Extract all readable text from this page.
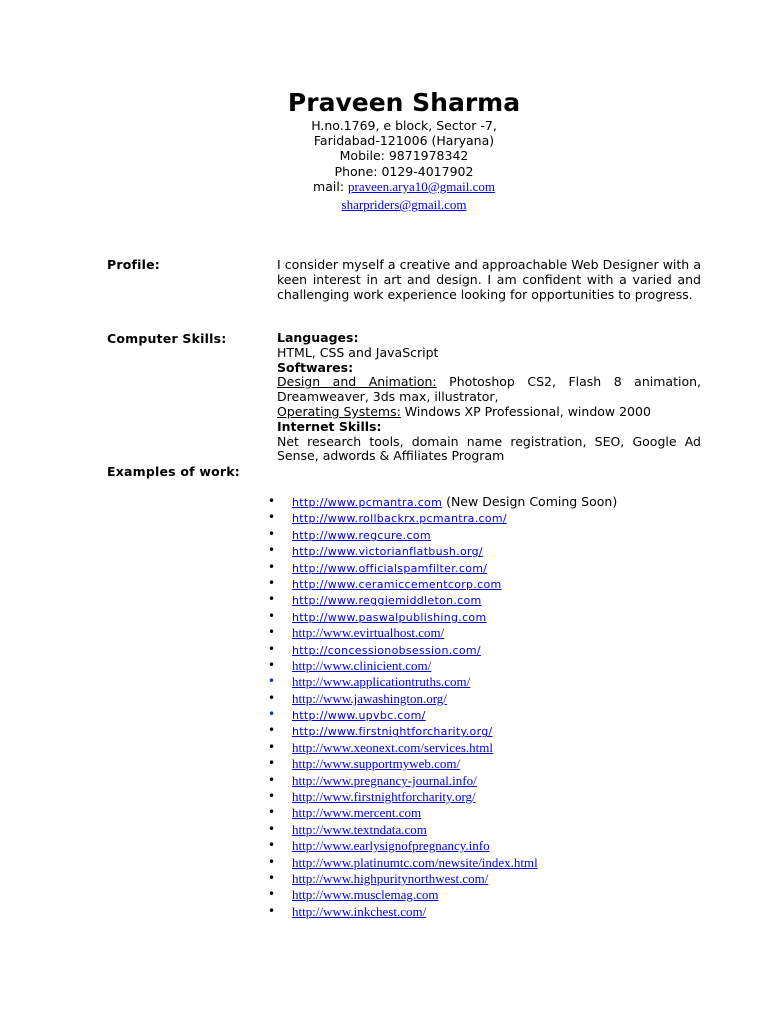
Praveen Sharma
H.no.1769, e block, Sector -7,
Faridabad-121006 (Haryana)
Mobile: 9871978342
Phone: 0129-4017902
mail: praveen.arya10@gmail.com
sharpriders@gmail.com
Profile:	I consider myself a creative and approachable Web Designer with a keen interest in art and design. I am confident with a varied and challenging work experience looking for opportunities to progress.
Computer Skills:	Languages:
HTML, CSS and JavaScript
Softwares:
Design and Animation: Photoshop CS2, Flash 8 animation, Dreamweaver, 3ds max, illustrator,
Operating Systems: Windows XP Professional, window 2000
Internet Skills:
Net research tools, domain name registration, SEO, Google Ad Sense, adwords & Affiliates Program
Examples of work:
• http://www.pcmantra.com (New Design Coming Soon)
• http://www.rollbackrx.pcmantra.com/
• http://www.regcure.com
• http://www.victorianflatbush.org/
• http://www.officialspamfilter.com/
• http://www.ceramiccementcorp.com
• http://www.reggiemiddleton.com
• http://www.paswalpublishing.com
• http://www.evirtualhost.com/
• http://concessionobsession.com/
• http://www.clinicient.com/
• http://www.applicationtruths.com/
• http://www.jawashington.org/
• http://www.upvbc.com/
• http://www.firstnightforcharity.org/
• http://www.xeonext.com/services.html
• http://www.supportmyweb.com/
• http://www.pregnancy-journal.info/
• http://www.firstnightforcharity.org/
• http://www.mercent.com
• http://www.textndata.com
• http://www.earlysignofpregnancy.info
• http://www.platinumtc.com/newsite/index.html
• http://www.highpuritynorthwest.com/
• http://www.musclemag.com
• http://www.inkchest.com/
